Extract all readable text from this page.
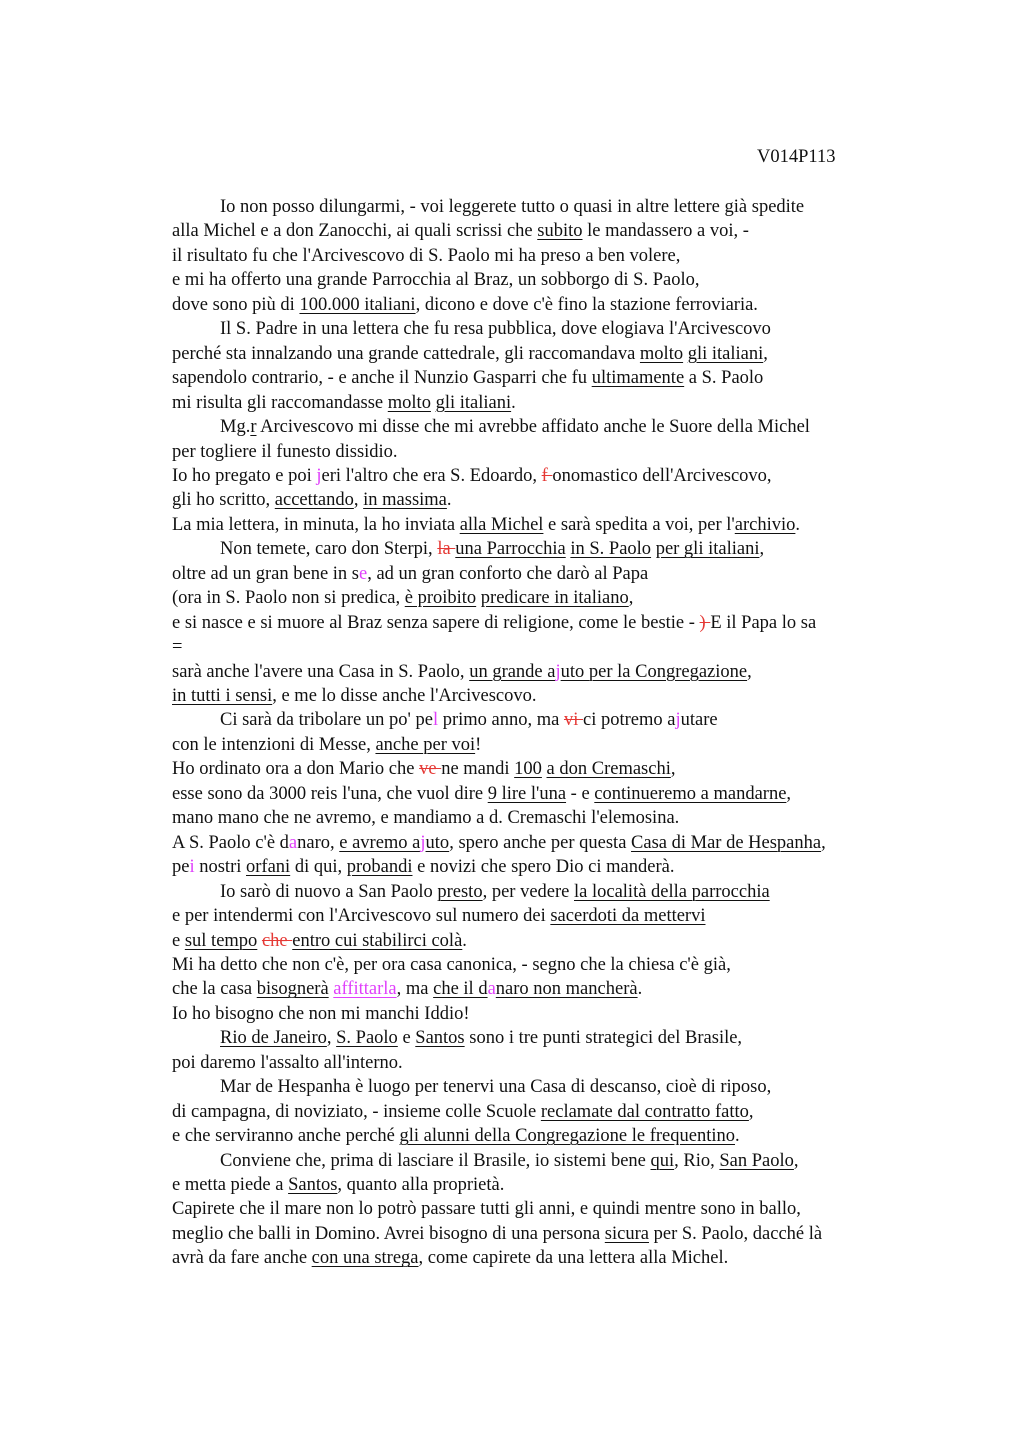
V014P113
Io non posso dilungarmi, - voi leggerete tutto o quasi in altre lettere già spedite
alla Michel e a don Zanocchi, ai quali scrissi che subito le mandassero a voi, -
il risultato fu che l'Arcivescovo di S. Paolo mi ha preso a ben volere,
e mi ha offerto una grande Parrocchia al Braz, un sobborgo di S. Paolo,
dove sono più di 100.000 italiani, dicono e dove c'è fino la stazione ferroviaria.
Il S. Padre in una lettera che fu resa pubblica, dove elogiava l'Arcivescovo
perché sta innalzando una grande cattedrale, gli raccomandava molto gli italiani,
sapendolo contrario, - e anche il Nunzio Gasparri che fu ultimamente a S. Paolo
mi risulta gli raccomandasse molto gli italiani.
Mg.r Arcivescovo mi disse che mi avrebbe affidato anche le Suore della Michel
per togliere il funesto dissidio.
Io ho pregato e poi jeri l'altro che era S. Edoardo, f onomastico dell'Arcivescovo,
gli ho scritto, accettando, in massima.
La mia lettera, in minuta, la ho inviata alla Michel e sarà spedita a voi, per l'archivio.
Non temete, caro don Sterpi, la una Parrocchia in S. Paolo per gli italiani,
oltre ad un gran bene in se, ad un gran conforto che darò al Papa
(ora in S. Paolo non si predica, è proibito predicare in italiano,
e si nasce e si muore al Braz senza sapere di religione, come le bestie - ) E il Papa lo sa
=
sarà anche l'avere una Casa in S. Paolo, un grande ajuto per la Congregazione,
in tutti i sensi, e me lo disse anche l'Arcivescovo.
Ci sarà da tribolare un po' pel primo anno, ma vi ci potremo ajutare
con le intenzioni di Messe, anche per voi!
Ho ordinato ora a don Mario che ve ne mandi 100 a don Cremaschi,
esse sono da 3000 reis l'una, che vuol dire 9 lire l'una - e continueremo a mandarne,
mano mano che ne avremo, e mandiamo a d. Cremaschi l'elemosina.
A S. Paolo c'è danaro, e avremo ajuto, spero anche per questa Casa di Mar de Hespanha,
pei nostri orfani di qui, probandi e novizi che spero Dio ci manderà.
Io sarò di nuovo a San Paolo presto, per vedere la località della parrocchia
e per intendermi con l'Arcivescovo sul numero dei sacerdoti da mettervi
e sul tempo che entro cui stabilirci colà.
Mi ha detto che non c'è, per ora casa canonica, - segno che la chiesa c'è già,
che la casa bisognerà affittarla, ma che il danaro non mancherà.
Io ho bisogno che non mi manchi Iddio!
Rio de Janeiro, S. Paolo e Santos sono i tre punti strategici del Brasile,
poi daremo l'assalto all'interno.
Mar de Hespanha è luogo per tenervi una Casa di descanso, cioè di riposo,
di campagna, di noviziato, - insieme colle Scuole reclamate dal contratto fatto,
e che serviranno anche perché gli alunni della Congregazione le frequentino.
Conviene che, prima di lasciare il Brasile, io sistemi bene qui, Rio, San Paolo,
e metta piede a Santos, quanto alla proprietà.
Capirete che il mare non lo potrò passare tutti gli anni, e quindi mentre sono in ballo,
meglio che balli in Domino. Avrei bisogno di una persona sicura per S. Paolo, dacché là
avrà da fare anche con una strega, come capirete da una lettera alla Michel.
